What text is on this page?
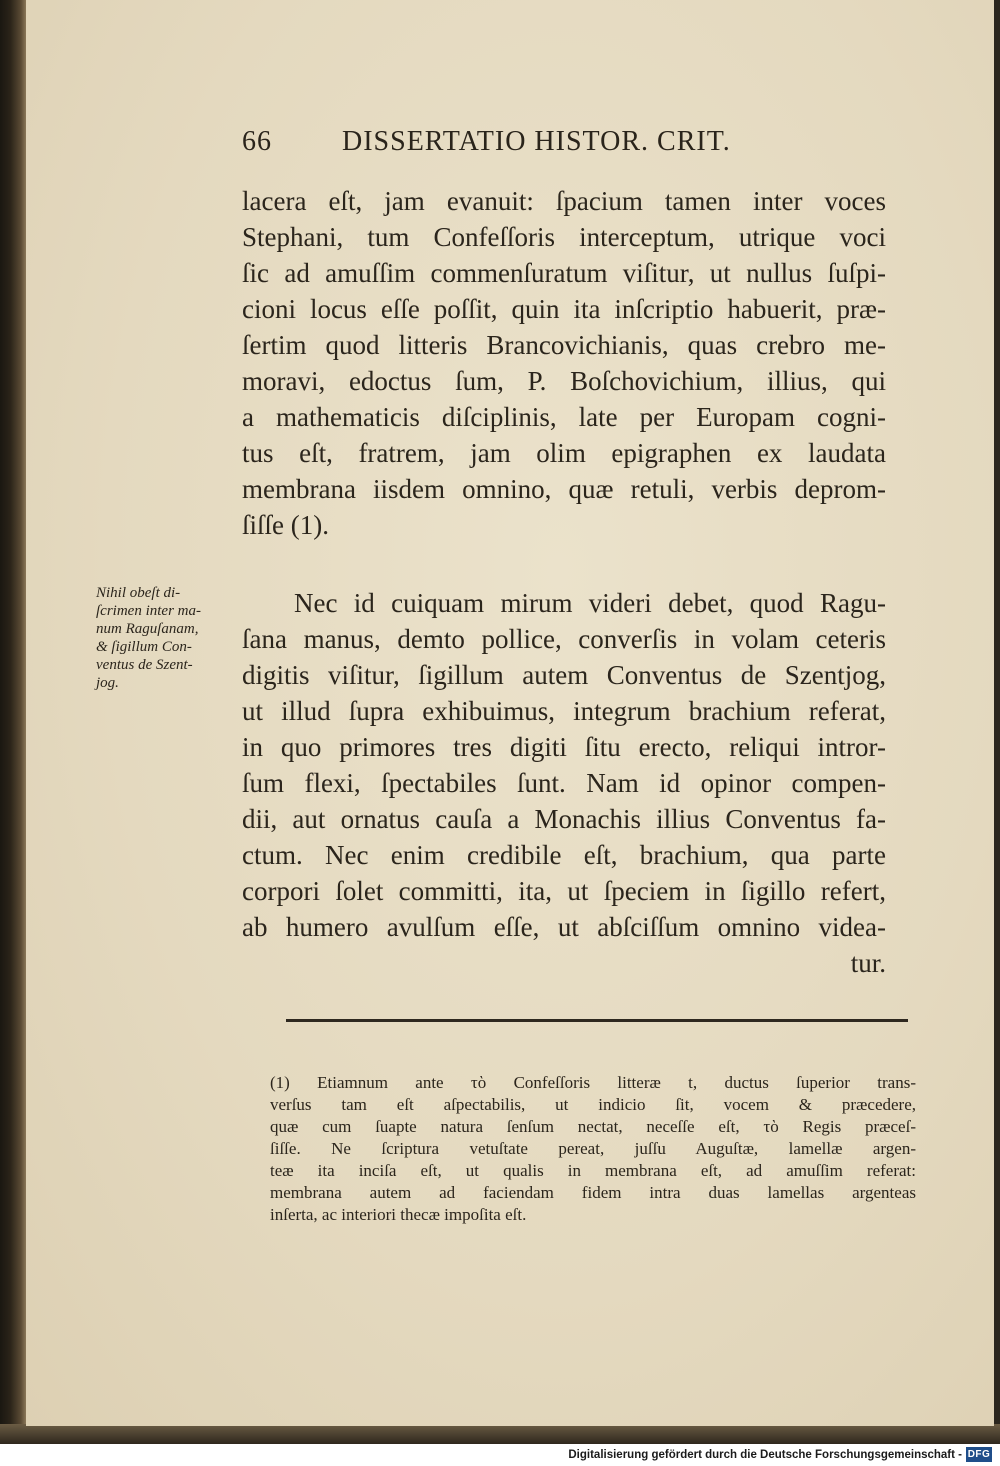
66	DISSERTATIO HISTOR. CRIT.
lacera eſt, jam evanuit: ſpacium tamen inter voces
Stephani, tum Confeſſoris interceptum, utrique voci
ſic ad amuſſim commenſuratum viſitur, ut nullus ſuſpi-
cioni locus eſſe poſſit, quin ita inſcriptio habuerit, præ-
ſertim quod litteris Brancovichianis, quas crebro me-
moravi, edoctus ſum, P. Boſchovichium, illius, qui
a mathematicis diſciplinis, late per Europam cogni-
tus eſt, fratrem, jam olim epigraphen ex laudata
membrana iisdem omnino, quæ retuli, verbis deprom-
ſiſſe (1).
Nec id cuiquam mirum videri debet, quod Ragu-
ſana manus, demto pollice, converſis in volam ceteris
digitis viſitur, ſigillum autem Conventus de Szentjog,
ut illud ſupra exhibuimus, integrum brachium referat,
in quo primores tres digiti ſitu erecto, reliqui intror-
ſum flexi, ſpectabiles ſunt. Nam id opinor compen-
dii, aut ornatus cauſa a Monachis illius Conventus fa-
ctum. Nec enim credibile eſt, brachium, qua parte
corpori ſolet committi, ita, ut ſpeciem in ſigillo refert,
ab humero avulſum eſſe, ut abſciſſum omnino videa-
tur.
Nihil obeſt di-
ſcrimen inter ma-
num Raguſanam,
& ſigillum Con-
ventus de Szent-
jog.
(1) Etiamnum ante τὸ Confeſſoris litteræ t, ductus ſuperior trans-
verſus tam eſt aſpectabilis, ut indicio ſit, vocem & præcedere,
quæ cum ſuapte natura ſenſum nectat, neceſſe eſt, τὸ Regis præceſ-
ſiſſe. Ne ſcriptura vetuſtate pereat, juſſu Auguſtæ, lamellæ argen-
teæ ita inciſa eſt, ut qualis in membrana eſt, ad amuſſim referat:
membrana autem ad faciendam fidem intra duas lamellas argenteas
inſerta, ac interiori thecæ impoſita eſt.
Digitalisierung gefördert durch die Deutsche Forschungsgemeinschaft - DFG
